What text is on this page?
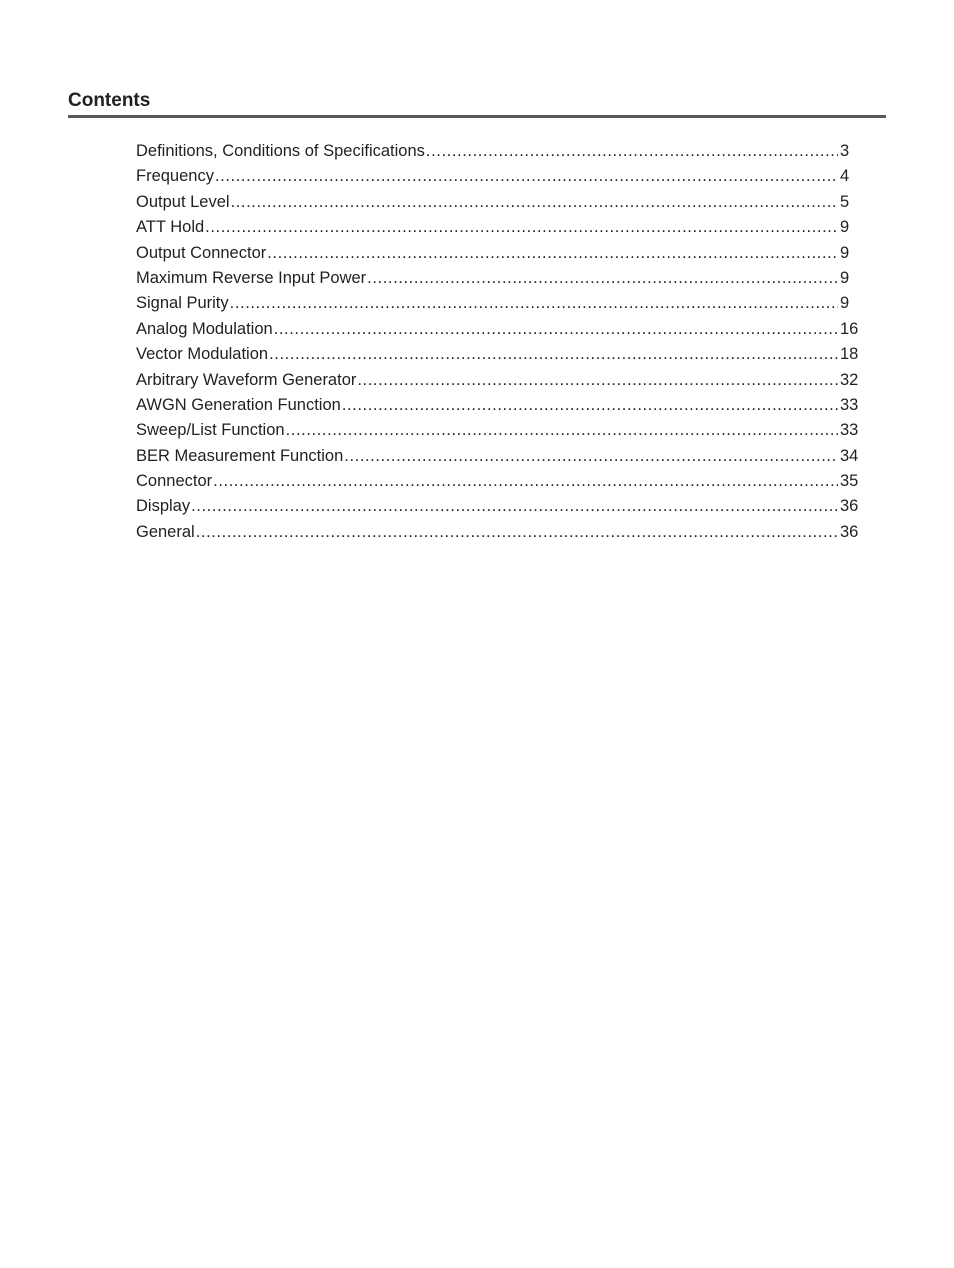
Contents
Definitions, Conditions of Specifications .....	3
Frequency .....	4
Output Level .....	5
ATT Hold .....	9
Output Connector .....	9
Maximum Reverse Input Power .....	9
Signal Purity .....	9
Analog Modulation .....	16
Vector Modulation .....	18
Arbitrary Waveform Generator .....	32
AWGN Generation Function .....	33
Sweep/List Function .....	33
BER Measurement Function .....	34
Connector .....	35
Display .....	36
General .....	36
